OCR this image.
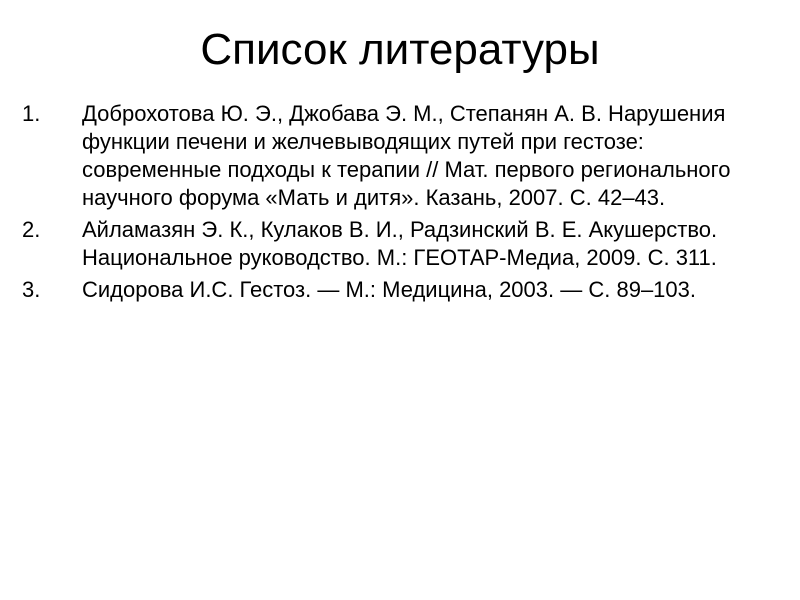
Список литературы
1.	Доброхотова Ю. Э., Джобава Э. М., Степанян А. В. Нарушения функции печени и желчевыводящих путей при гестозе: современные подходы к терапии // Мат. первого регионального научного форума «Мать и дитя». Казань, 2007. С. 42–43.
2.	Айламазян Э. К., Кулаков В. И., Радзинский В. Е. Акушерство. Национальное руководство. М.: ГЕОТАР-Медиа, 2009. С. 311.
3.	Сидорова И.С. Гестоз. — М.: Медицина, 2003. — С. 89–103.
